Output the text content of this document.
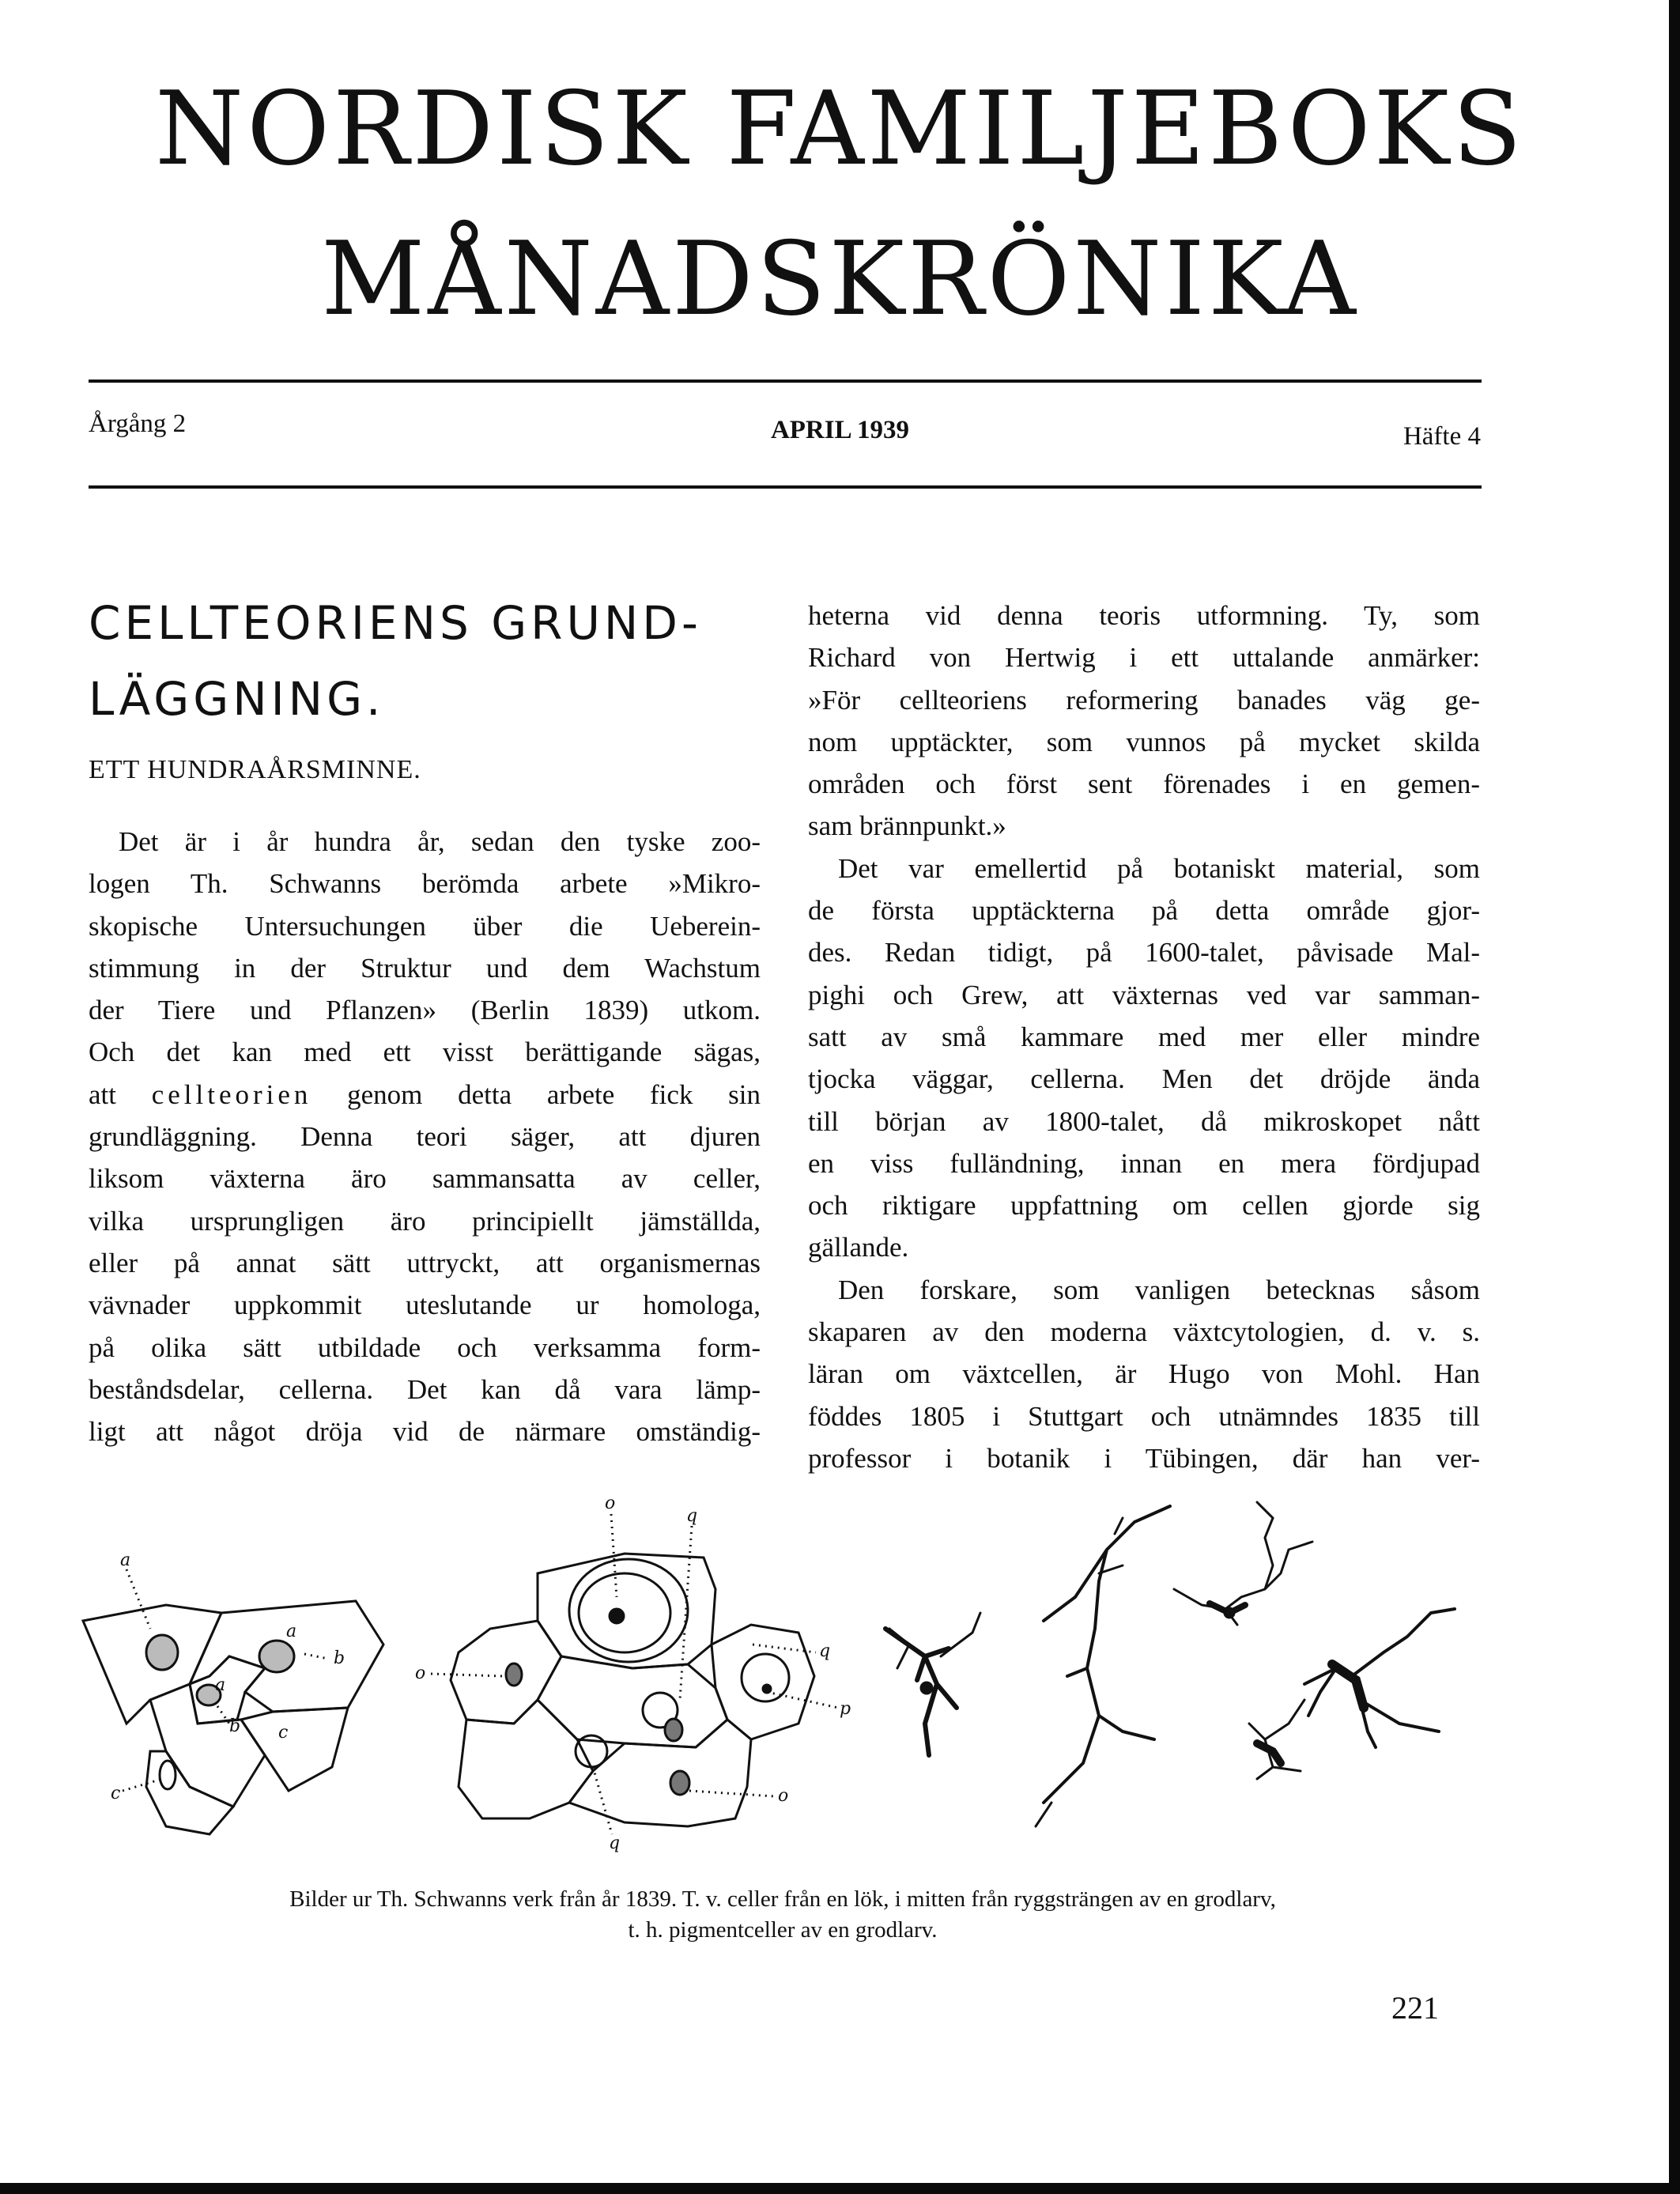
NORDISK FAMILJEBOKS
MÅNADSKRÖNIKA
Årgång 2	APRIL 1939	Häfte 4
CELLTEORIENS GRUND-
LÄGGNING.
ETT HUNDRAÅRSMINNE.

Det är i år hundra år, sedan den tyske zoo-

logen Th. Schwanns berömda arbete »Mikro-

skopische Untersuchungen über die Ueberein-

stimmung in der Struktur und dem Wachstum

der Tiere und Pflanzen» (Berlin 1839) utkom.

Och det kan med ett visst berättigande sägas,

att cellteorien genom detta arbete fick sin

grundläggning. Denna teori säger, att djuren

liksom växterna äro sammansatta av celler,

vilka ursprungligen äro principiellt jämställda,

eller på annat sätt uttryckt, att organismernas

vävnader uppkommit uteslutande ur homologa,

på olika sätt utbildade och verksamma form-

beståndsdelar, cellerna. Det kan då vara lämp-

ligt att något dröja vid de närmare omständig-

heterna vid denna teoris utformning. Ty, som

Richard von Hertwig i ett uttalande anmärker:

»För cellteoriens reformering banades väg ge-

nom upptäckter, som vunnos på mycket skilda

områden och först sent förenades i en gemen-

sam brännpunkt.»

Det var emellertid på botaniskt material, som

de första upptäckterna på detta område gjor-

des. Redan tidigt, på 1600-talet, påvisade Mal-

pighi och Grew, att växternas ved var samman-

satt av små kammare med mer eller mindre

tjocka väggar, cellerna. Men det dröjde ända

till början av 1800-talet, då mikroskopet nått

en viss fulländning, innan en mera fördjupad

och riktigare uppfattning om cellen gjorde sig

gällande.

Den forskare, som vanligen betecknas såsom

skaparen av den moderna växtcytologien, d. v. s.

läran om växtcellen, är Hugo von Mohl. Han

föddes 1805 i Stuttgart och utnämndes 1835 till

professor i botanik i Tübingen, där han ver-

a
a
a
b
b c
c
o
q
o
q
p
o
q
Bilder ur Th. Schwanns verk från år 1839. T. v. celler från en lök, i mitten från ryggsträngen av en grodlarv,
t. h. pigmentceller av en grodlarv.
221
